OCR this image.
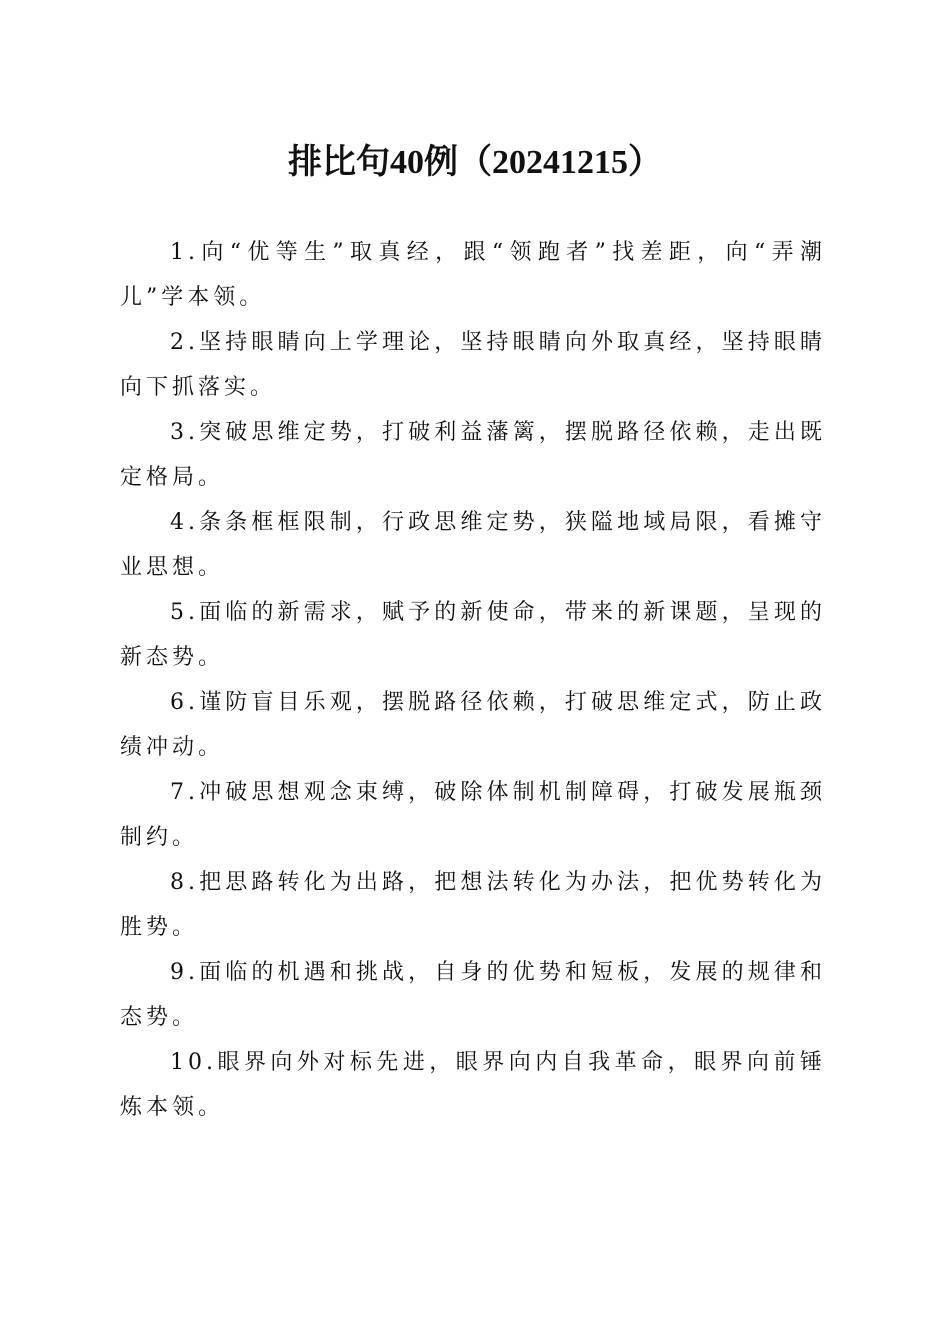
排比句40例（20241215）

1.向“优等生”取真经，跟“领跑者”找差距，向“弄潮儿”学本领。

2.坚持眼睛向上学理论，坚持眼睛向外取真经，坚持眼睛向下抓落实。

3.突破思维定势，打破利益藩篱，摆脱路径依赖，走出既定格局。

4.条条框框限制，行政思维定势，狭隘地域局限，看摊守业思想。

5.面临的新需求，赋予的新使命，带来的新课题，呈现的新态势。

6.谨防盲目乐观，摆脱路径依赖，打破思维定式，防止政绩冲动。

7.冲破思想观念束缚，破除体制机制障碍，打破发展瓶颈制约。

8.把思路转化为出路，把想法转化为办法，把优势转化为胜势。

9.面临的机遇和挑战，自身的优势和短板，发展的规律和态势。

10.眼界向外对标先进，眼界向内自我革命，眼界向前锤炼本领。
